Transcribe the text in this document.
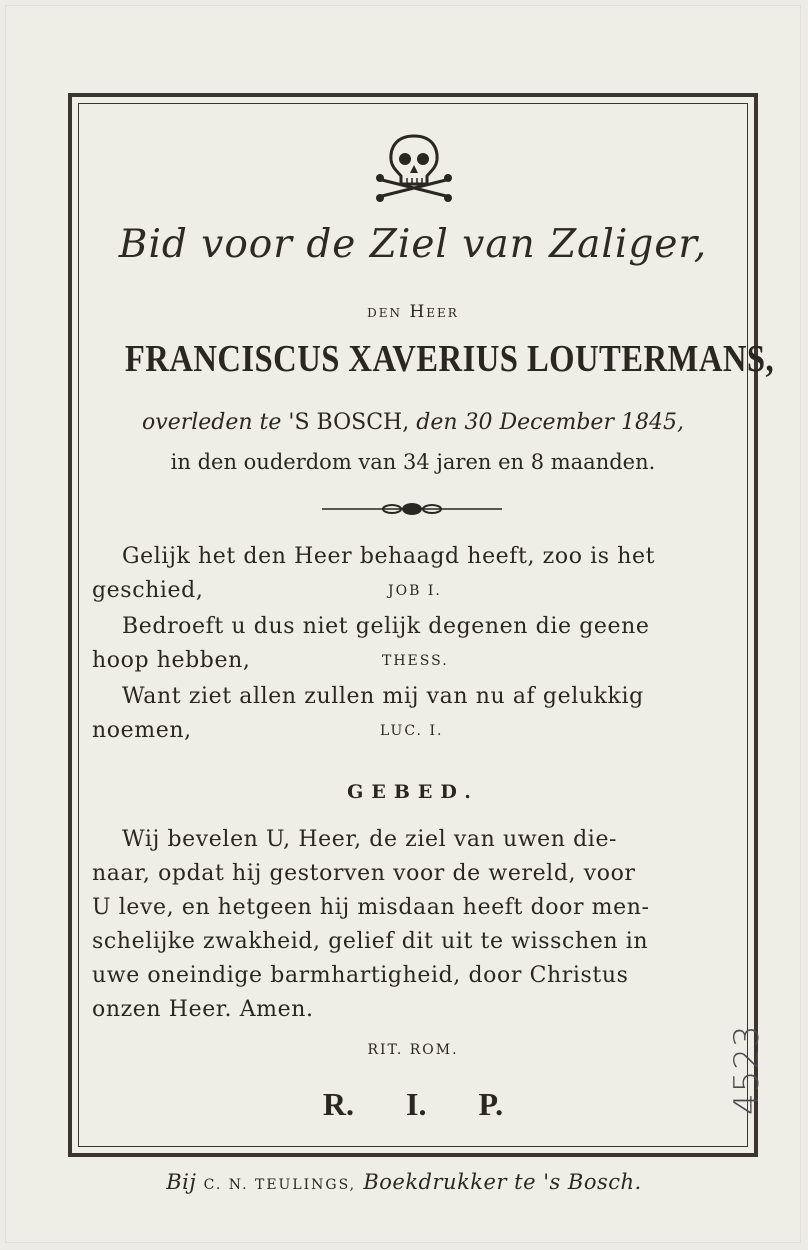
Bid voor de Ziel van Zaliger,
den Heer
FRANCISCUS XAVERIUS LOUTERMANS,
overleden te 'S BOSCH, den 30 December 1845,
in den ouderdom van 34 jaren en 8 maanden.
Gelijk het den Heer behaagd heeft, zoo is het
geschied,	JOB I.
Bedroeft u dus niet gelijk degenen die geene
hoop hebben,	THESS.
Want ziet allen zullen mij van nu af gelukkig
noemen,	LUC. I.
GEBED.
Wij bevelen U, Heer, de ziel van uwen die-
naar, opdat hij gestorven voor de wereld, voor
U leve, en hetgeen hij misdaan heeft door men-
schelijke zwakheid, gelief dit uit te wisschen in
uwe oneindige barmhartigheid, door Christus
onzen Heer. Amen.
RIT. ROM.
R. I. P.	4523
Bij C. N. TEULINGS, Boekdrukker te 's Bosch.
